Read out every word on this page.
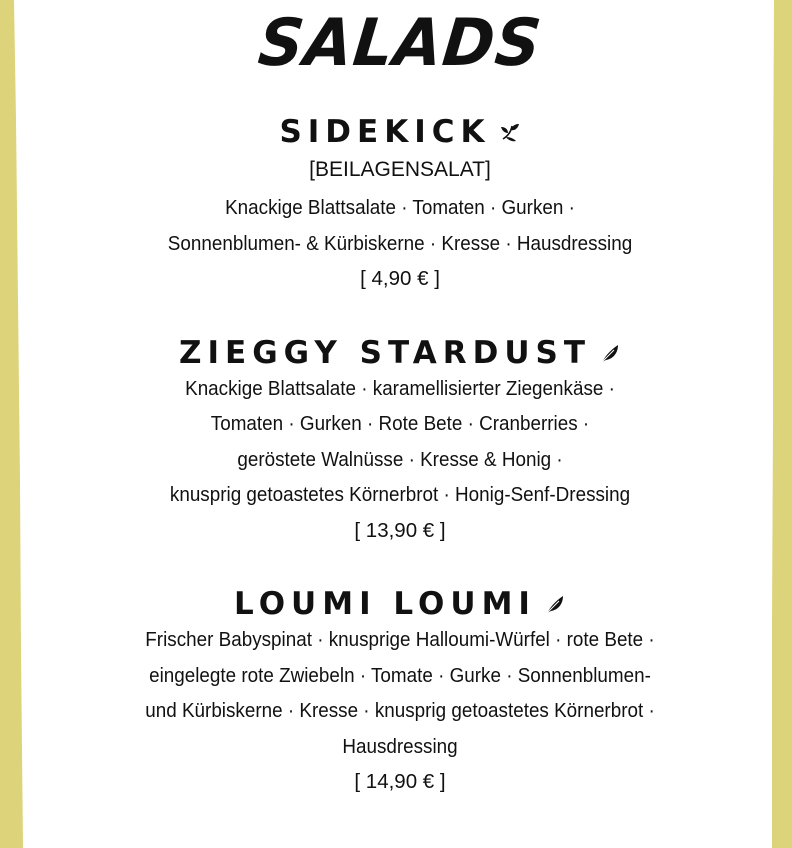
SALADS
SIDEKICK
[BEILAGENSALAT]
Knackige Blattsalate · Tomaten · Gurken ·
Sonnenblumen- & Kürbiskerne · Kresse · Hausdressing
[ 4,90 € ]
ZIEGGY STARDUST
Knackige Blattsalate · karamellisierter Ziegenkäse ·
Tomaten · Gurken · Rote Bete · Cranberries ·
geröstete Walnüsse · Kresse & Honig ·
knusprig getoastetes Körnerbrot · Honig-Senf-Dressing
[ 13,90 € ]
LOUMI LOUMI
Frischer Babyspinat · knusprige Halloumi-Würfel · rote Bete ·
eingelegte rote Zwiebeln · Tomate · Gurke · Sonnenblumen-
und Kürbiskerne · Kresse · knusprig getoastetes Körnerbrot ·
Hausdressing
[ 14,90 € ]
